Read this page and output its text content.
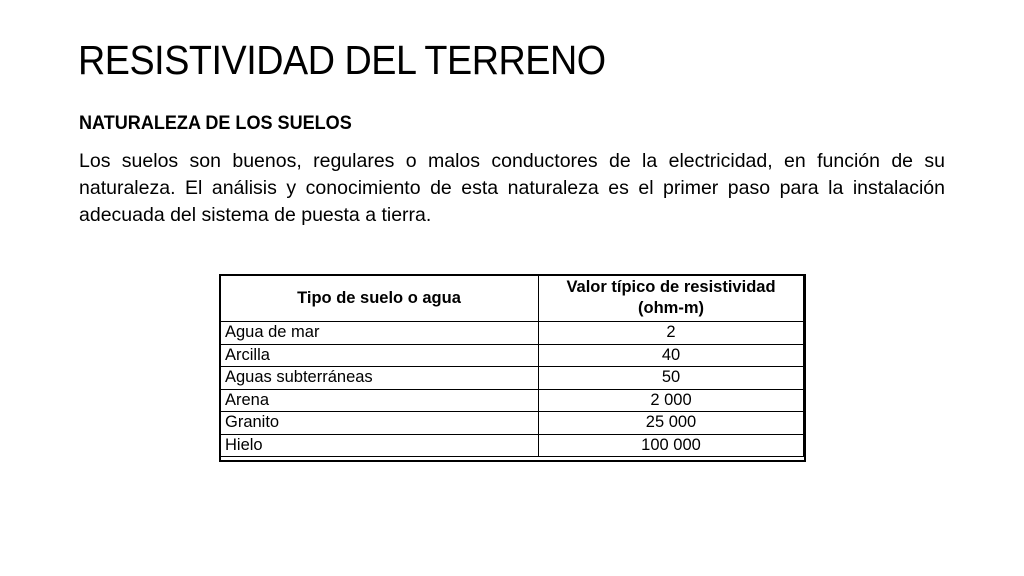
RESISTIVIDAD DEL TERRENO
NATURALEZA DE LOS SUELOS

Los suelos son buenos, regulares o malos conductores de la electricidad, en función de su naturaleza. El análisis y conocimiento de esta naturaleza es el primer paso para la instalación adecuada del sistema de puesta a tierra.

Tipo de suelo o agua	Valor típico de resistividad
(ohm-m)
Agua de mar	2
Arcilla	40
Aguas subterráneas	50
Arena	2 000
Granito	25 000
Hielo	100 000
